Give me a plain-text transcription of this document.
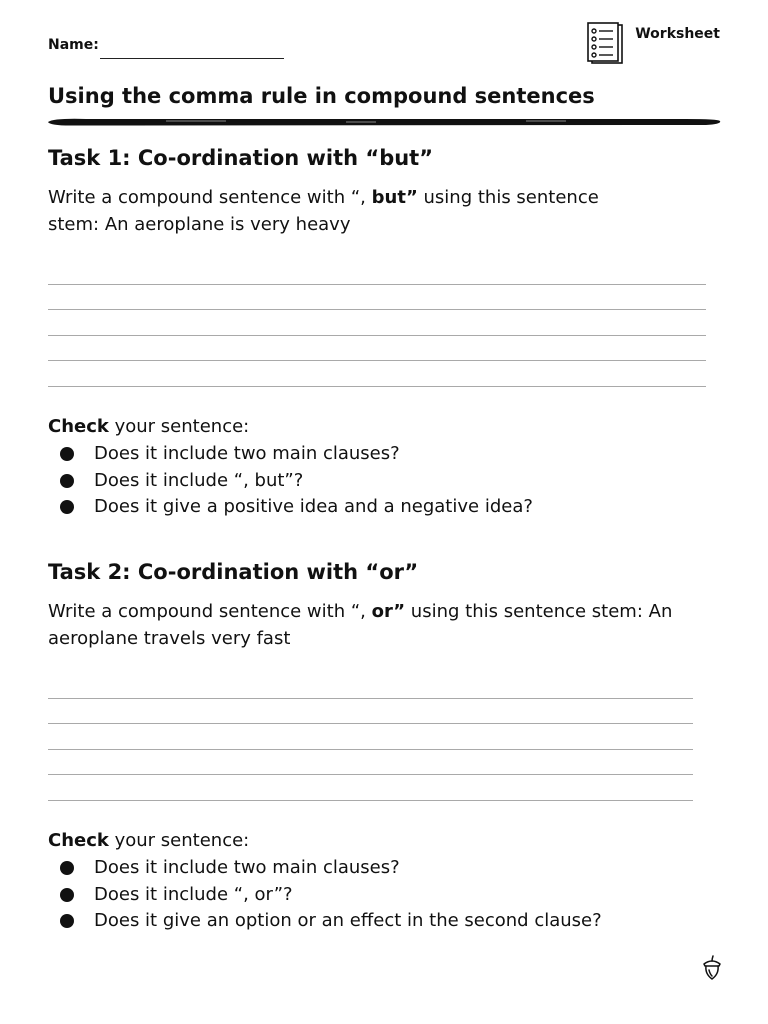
Name:
Worksheet
Using the comma rule in compound sentences
Task 1: Co-ordination with “but”
Write a compound sentence with “, but” using this sentence stem: An aeroplane is very heavy
Check your sentence:
Does it include two main clauses?
Does it include “, but”?
Does it give a positive idea and a negative idea?
Task 2: Co-ordination with “or”
Write a compound sentence with “, or” using this sentence stem: An aeroplane travels very fast
Check your sentence:
Does it include two main clauses?
Does it include “, or”?
Does it give an option or an effect in the second clause?
